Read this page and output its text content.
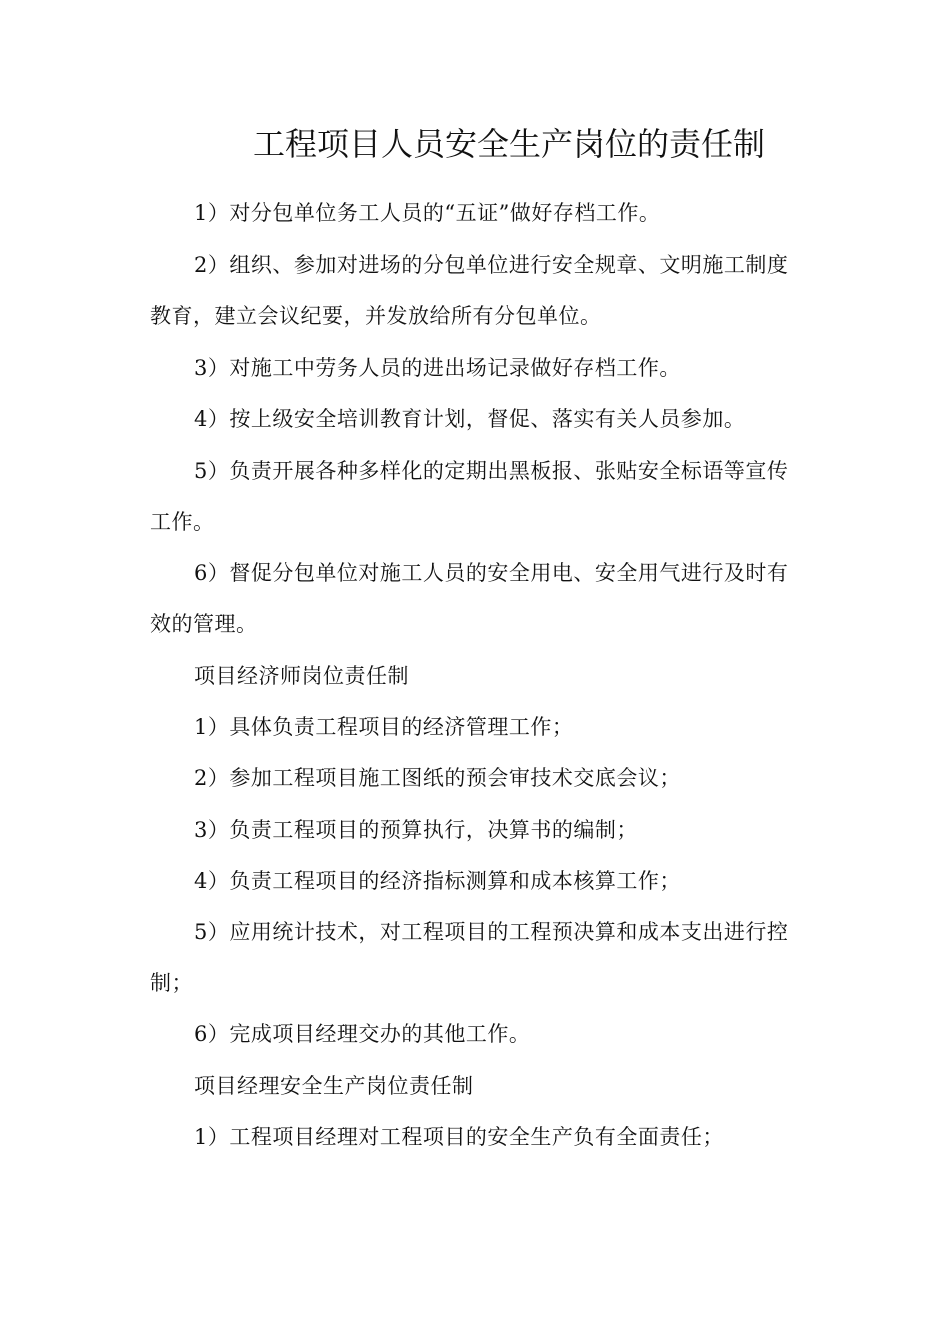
工程项目人员安全生产岗位的责任制

1）对分包单位务工人员的“五证”做好存档工作。

2）组织、参加对进场的分包单位进行安全规章、文明施工制度教育，建立会议纪要，并发放给所有分包单位。

3）对施工中劳务人员的进出场记录做好存档工作。

4）按上级安全培训教育计划，督促、落实有关人员参加。

5）负责开展各种多样化的定期出黑板报、张贴安全标语等宣传工作。

6）督促分包单位对施工人员的安全用电、安全用气进行及时有效的管理。

项目经济师岗位责任制

1）具体负责工程项目的经济管理工作；

2）参加工程项目施工图纸的预会审技术交底会议；

3）负责工程项目的预算执行，决算书的编制；

4）负责工程项目的经济指标测算和成本核算工作；

5）应用统计技术，对工程项目的工程预决算和成本支出进行控制；

6）完成项目经理交办的其他工作。

项目经理安全生产岗位责任制

1）工程项目经理对工程项目的安全生产负有全面责任；
